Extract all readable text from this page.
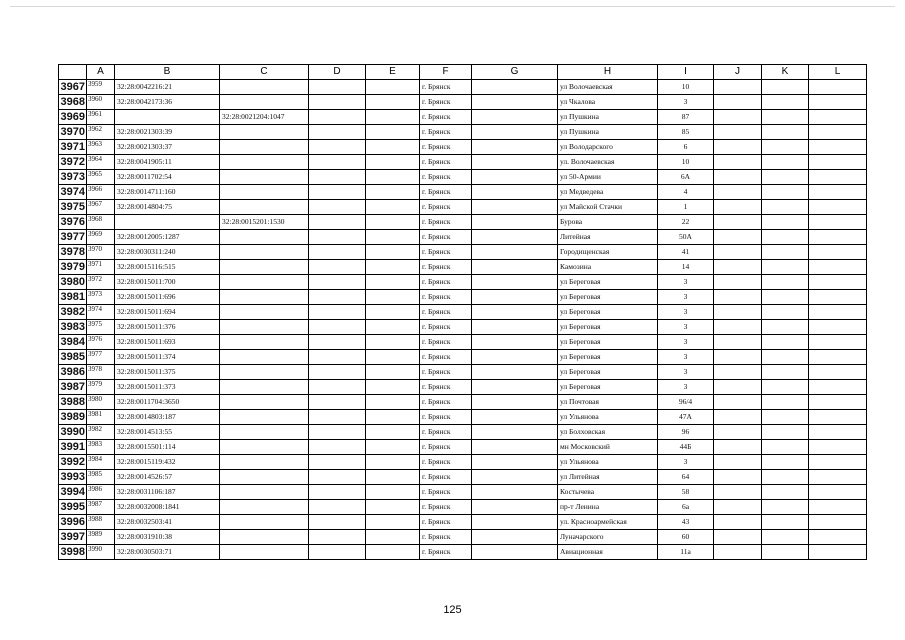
	A	B	C	D	E	F	G	H	I	J	K	L
3967	3959	32:28:0042216:21				г. Брянск		ул Волочаевская	10			
3968	3960	32:28:0042173:36				г. Брянск		ул Чкалова	3			
3969	3961		32:28:0021204:1047			г. Брянск		ул Пушкина	87			
3970	3962	32:28:0021303:39				г. Брянск		ул Пушкина	85			
3971	3963	32:28:0021303:37				г. Брянск		ул Володарского	6			
3972	3964	32:28:0041905:11				г. Брянск		ул. Волочаевская	10			
3973	3965	32:28:0011702:54				г. Брянск		ул 50-Армии	6А			
3974	3966	32:28:0014711:160				г. Брянск		ул Медведева	4			
3975	3967	32:28:0014804:75				г. Брянск		ул Майской Стачки	1			
3976	3968		32:28:0015201:1530			г. Брянск		Бурова	22			
3977	3969	32:28:0012005:1287				г. Брянск		Литейная	50А			
3978	3970	32:28:0030311:240				г. Брянск		Городищенская	41			
3979	3971	32:28:0015116:515				г. Брянск		Камозина	14			
3980	3972	32:28:0015011:700				г. Брянск		ул Береговая	3			
3981	3973	32:28:0015011:696				г. Брянск		ул Береговая	3			
3982	3974	32:28:0015011:694				г. Брянск		ул Береговая	3			
3983	3975	32:28:0015011:376				г. Брянск		ул Береговая	3			
3984	3976	32:28:0015011:693				г. Брянск		ул Береговая	3			
3985	3977	32:28:0015011:374				г. Брянск		ул Береговая	3			
3986	3978	32:28:0015011:375				г. Брянск		ул Береговая	3			
3987	3979	32:28:0015011:373				г. Брянск		ул Береговая	3			
3988	3980	32:28:0011704:3650				г. Брянск		ул Почтовая	96/4			
3989	3981	32:28:0014803:187				г. Брянск		ул Ульянова	47А			
3990	3982	32:28:0014513:55				г. Брянск		ул Болховская	96			
3991	3983	32:28:0015501:114				г. Брянск		мн Московский	44Б			
3992	3984	32:28:0015119:432				г. Брянск		ул Ульянова	3			
3993	3985	32:28:0014526:57				г. Брянск		ул Литейная	64			
3994	3986	32:28:0031106:187				г. Брянск		Костычева	58			
3995	3987	32:28:0032008:1841				г. Брянск		пр-т Ленина	6а			
3996	3988	32:28:0032503:41				г. Брянск		ул. Красноармейская	43			
3997	3989	32:28:0031910:38				г. Брянск		Луначарского	60			
3998	3990	32:28:0030503:71				г. Брянск		Авиационная	11а			
125
